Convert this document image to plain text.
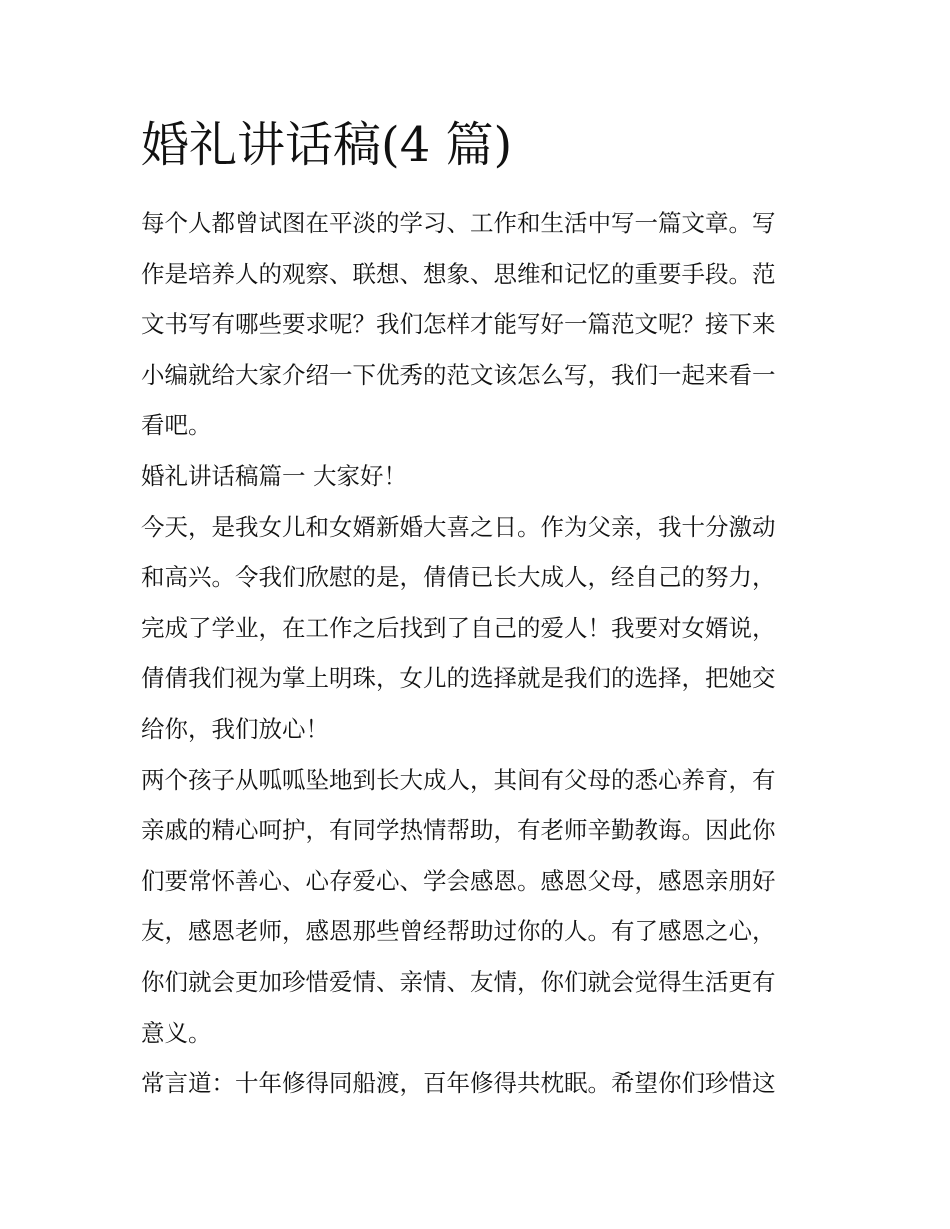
婚礼讲话稿(4 篇)
每个人都曾试图在平淡的学习、工作和生活中写一篇文章。写
作是培养人的观察、联想、想象、思维和记忆的重要手段。范
文书写有哪些要求呢？我们怎样才能写好一篇范文呢？接下来
小编就给大家介绍一下优秀的范文该怎么写，我们一起来看一
看吧。
婚礼讲话稿篇一 大家好！
今天，是我女儿和女婿新婚大喜之日。作为父亲，我十分激动
和高兴。令我们欣慰的是，倩倩已长大成人，经自己的努力，
完成了学业，在工作之后找到了自己的爱人！我要对女婿说，
倩倩我们视为掌上明珠，女儿的选择就是我们的选择，把她交
给你，我们放心！
两个孩子从呱呱坠地到长大成人，其间有父母的悉心养育，有
亲戚的精心呵护，有同学热情帮助，有老师辛勤教诲。因此你
们要常怀善心、心存爱心、学会感恩。感恩父母，感恩亲朋好
友，感恩老师，感恩那些曾经帮助过你的人。有了感恩之心，
你们就会更加珍惜爱情、亲情、友情，你们就会觉得生活更有
意义。
常言道：十年修得同船渡，百年修得共枕眠。希望你们珍惜这
